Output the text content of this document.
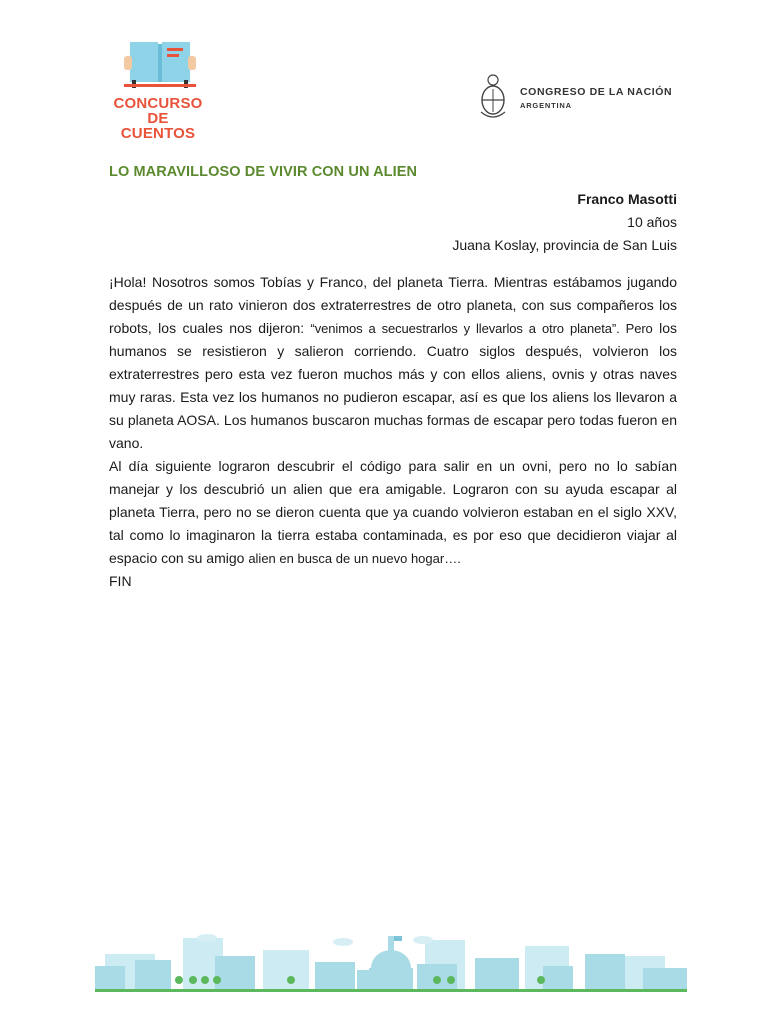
CONCURSO
DE CUENTOS
CONGRESO DE LA NACIÓN
ARGENTINA
LO MARAVILLOSO DE VIVIR CON UN ALIEN
Franco Masotti
10 años
Juana Koslay, provincia de San Luis

¡Hola! Nosotros somos Tobías y Franco, del planeta Tierra. Mientras estábamos jugando después de un rato vinieron dos extraterrestres de otro planeta, con sus compañeros los robots, los cuales nos dijeron: “venimos a secuestrarlos y llevarlos a otro planeta”. Pero los humanos se resistieron y salieron corriendo. Cuatro siglos después, volvieron los extraterrestres pero esta vez fueron muchos más y con ellos aliens, ovnis y otras naves muy raras. Esta vez los humanos no pudieron escapar, así es que los aliens los llevaron a su planeta AOSA. Los humanos buscaron muchas formas de escapar pero todas fueron en vano.

Al día siguiente lograron descubrir el código para salir en un ovni, pero no lo sabían manejar y los descubrió un alien que era amigable. Lograron con su ayuda escapar al planeta Tierra, pero no se dieron cuenta que ya cuando volvieron estaban en el siglo XXV, tal como lo imaginaron la tierra estaba contaminada, es por eso que decidieron viajar al espacio con su amigo alien en busca de un nuevo hogar….

FIN
